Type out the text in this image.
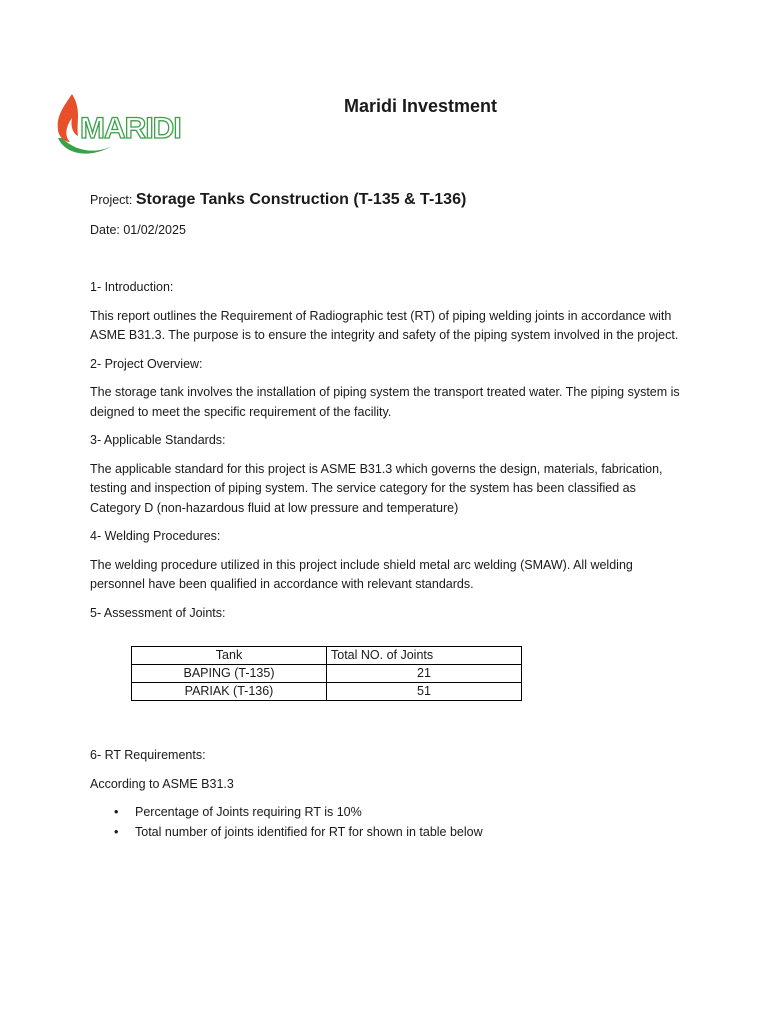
MARIDI
Maridi Investment

Project: Storage Tanks Construction (T-135 & T-136)

Date: 01/02/2025

1- Introduction:

This report outlines the Requirement of Radiographic test (RT) of piping welding joints in accordance with ASME B31.3. The purpose is to ensure the integrity and safety of the piping system involved in the project.

2- Project Overview:

The storage tank involves the installation of piping system the transport treated water. The piping system is deigned to meet the specific requirement of the facility.

3- Applicable Standards:

The applicable standard for this project is ASME B31.3 which governs the design, materials, fabrication, testing and inspection of piping system. The service category for the system has been classified as Category D (non-hazardous fluid at low pressure and temperature)

4- Welding Procedures:

The welding procedure utilized in this project include shield metal arc welding (SMAW). All welding personnel have been qualified in accordance with relevant standards.

5- Assessment of Joints:

Tank	Total NO. of Joints
BAPING (T-135)	21
PARIAK (T-136)	51

6- RT Requirements:

According to ASME B31.3

• Percentage of Joints requiring RT is 10%
• Total number of joints identified for RT for shown in table below
